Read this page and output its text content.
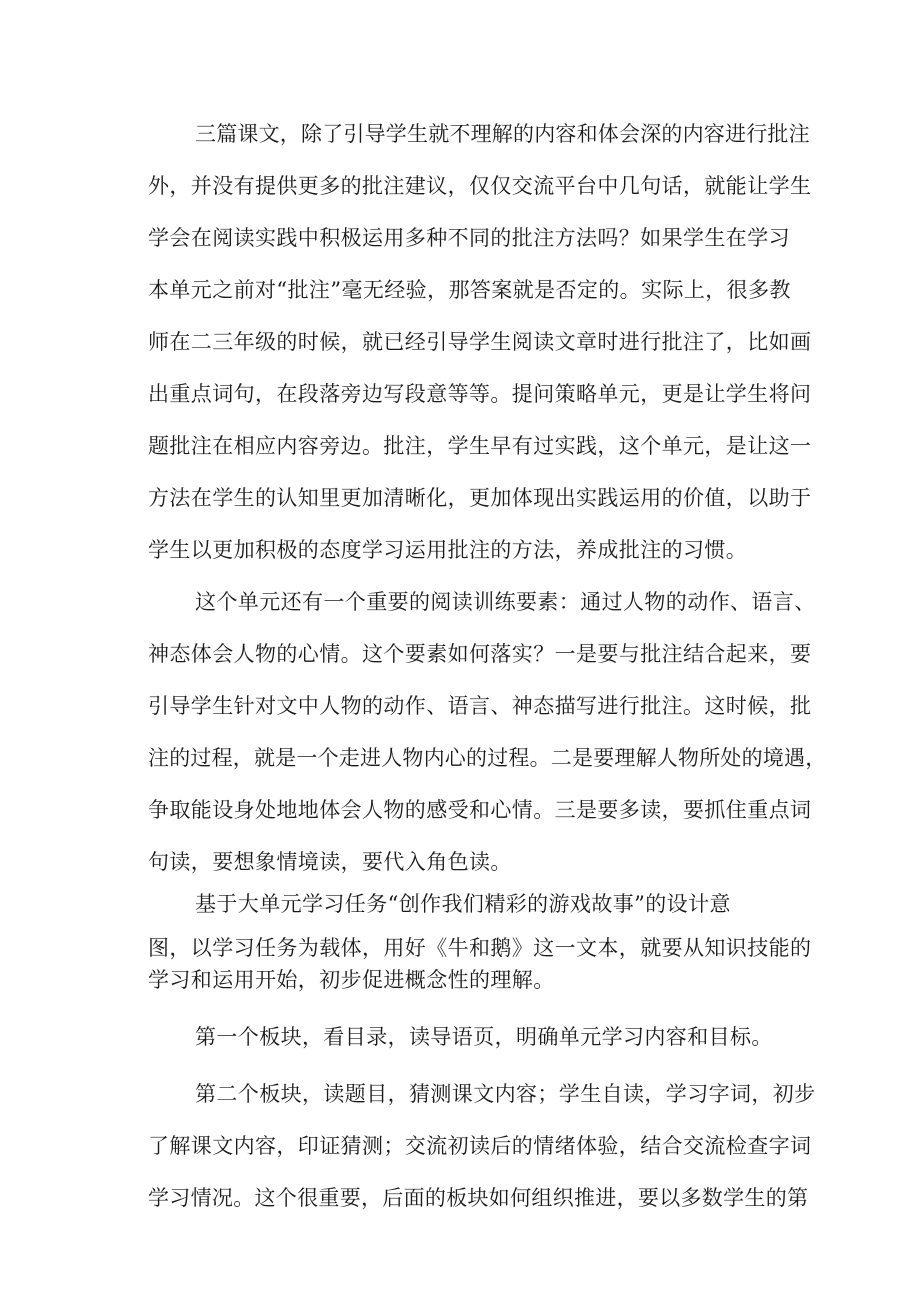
三篇课文，除了引导学生就不理解的内容和体会深的内容进行批注
外，并没有提供更多的批注建议，仅仅交流平台中几句话，就能让学生
学会在阅读实践中积极运用多种不同的批注方法吗？如果学生在学习
本单元之前对“批注”毫无经验，那答案就是否定的。实际上，很多教
师在二三年级的时候，就已经引导学生阅读文章时进行批注了，比如画
出重点词句，在段落旁边写段意等等。提问策略单元，更是让学生将问
题批注在相应内容旁边。批注，学生早有过实践，这个单元，是让这一
方法在学生的认知里更加清晰化，更加体现出实践运用的价值，以助于
学生以更加积极的态度学习运用批注的方法，养成批注的习惯。
这个单元还有一个重要的阅读训练要素：通过人物的动作、语言、
神态体会人物的心情。这个要素如何落实？一是要与批注结合起来，要
引导学生针对文中人物的动作、语言、神态描写进行批注。这时候，批
注的过程，就是一个走进人物内心的过程。二是要理解人物所处的境遇，
争取能设身处地地体会人物的感受和心情。三是要多读，要抓住重点词
句读，要想象情境读，要代入角色读。
基于大单元学习任务“创作我们精彩的游戏故事”的设计意
图，以学习任务为载体，用好《牛和鹅》这一文本，就要从知识技能的
学习和运用开始，初步促进概念性的理解。
第一个板块，看目录，读导语页，明确单元学习内容和目标。
第二个板块，读题目，猜测课文内容；学生自读，学习字词，初步
了解课文内容，印证猜测；交流初读后的情绪体验，结合交流检查字词
学习情况。这个很重要，后面的板块如何组织推进，要以多数学生的第
